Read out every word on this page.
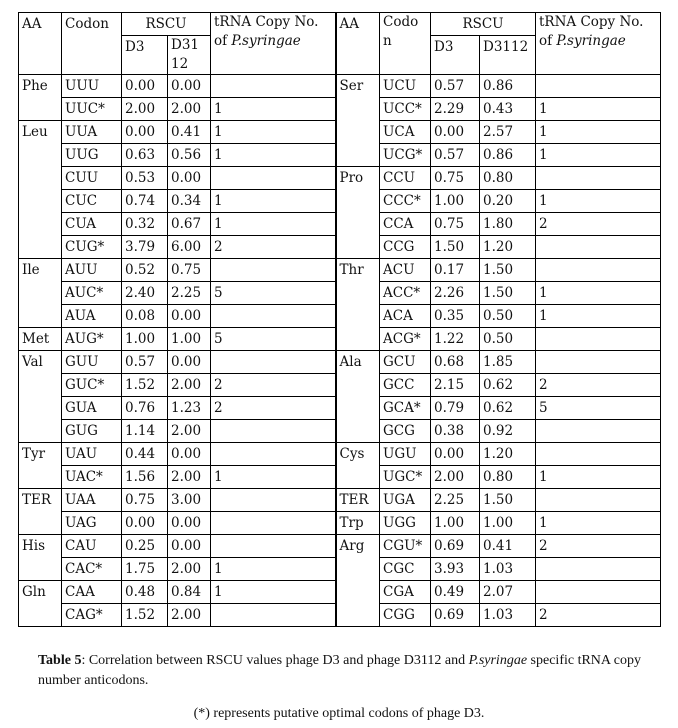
AA	Codon	RSCU		tRNA Copy No. of P.syringae	AA	Codo n	RSCU		tRNA Copy No. of P.syringae
		D3	D31 12				D3	D3112	
Phe	UUU	0.00	0.00		Ser	UCU	0.57	0.86	
	UUC*	2.00	2.00	1		UCC*	2.29	0.43	1
Leu	UUA	0.00	0.41	1		UCA	0.00	2.57	1
	UUG	0.63	0.56	1		UCG*	0.57	0.86	1
	CUU	0.53	0.00		Pro	CCU	0.75	0.80	
	CUC	0.74	0.34	1		CCC*	1.00	0.20	1
	CUA	0.32	0.67	1		CCA	0.75	1.80	2
	CUG*	3.79	6.00	2		CCG	1.50	1.20	
Ile	AUU	0.52	0.75		Thr	ACU	0.17	1.50	
	AUC*	2.40	2.25	5		ACC*	2.26	1.50	1
	AUA	0.08	0.00			ACA	0.35	0.50	1
Met	AUG*	1.00	1.00	5		ACG*	1.22	0.50	
Val	GUU	0.57	0.00		Ala	GCU	0.68	1.85	
	GUC*	1.52	2.00	2		GCC	2.15	0.62	2
	GUA	0.76	1.23	2		GCA*	0.79	0.62	5
	GUG	1.14	2.00			GCG	0.38	0.92	
Tyr	UAU	0.44	0.00		Cys	UGU	0.00	1.20	
	UAC*	1.56	2.00	1		UGC*	2.00	0.80	1
TER	UAA	0.75	3.00		TER	UGA	2.25	1.50	
	UAG	0.00	0.00		Trp	UGG	1.00	1.00	1
His	CAU	0.25	0.00		Arg	CGU*	0.69	0.41	2
	CAC*	1.75	2.00	1		CGC	3.93	1.03	
Gln	CAA	0.48	0.84	1		CGA	0.49	2.07	
	CAG*	1.52	2.00			CGG	0.69	1.03	2
Table 5: Correlation between RSCU values phage D3 and phage D3112 and P.syringae specific tRNA copy number anticodons.
(*) represents putative optimal codons of phage D3.
